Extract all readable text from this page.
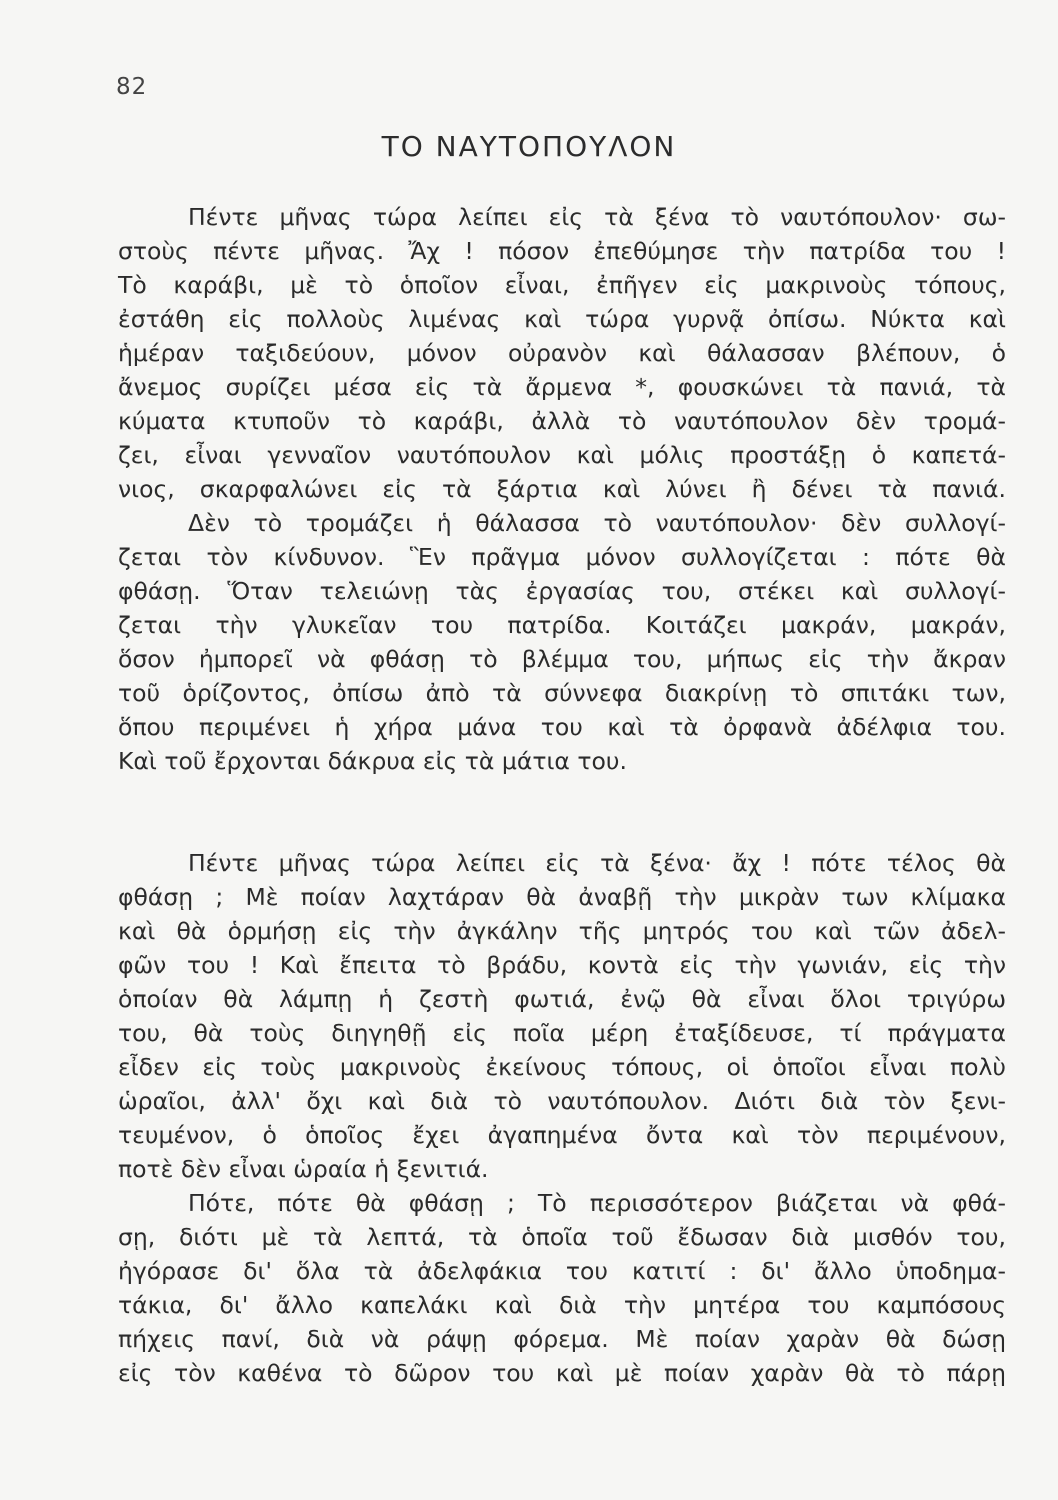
82
ΤΟ ΝΑΥΤΟΠΟΥΛΟΝ
Πέντε μῆνας τώρα λείπει εἰς τὰ ξένα τὸ ναυτόπουλον· σω-
στοὺς πέντε μῆνας. Ἄχ ! πόσον ἐπεθύμησε τὴν πατρίδα του !
Τὸ καράβι, μὲ τὸ ὁποῖον εἶναι, ἐπῆγεν εἰς μακρινοὺς τόπους,
ἐστάθη εἰς πολλοὺς λιμένας καὶ τώρα γυρνᾷ ὀπίσω. Νύκτα καὶ
ἡμέραν ταξιδεύουν, μόνον οὐρανὸν καὶ θάλασσαν βλέπουν, ὁ
ἄνεμος συρίζει μέσα εἰς τὰ ἄρμενα *, φουσκώνει τὰ πανιά, τὰ
κύματα κτυποῦν τὸ καράβι, ἀλλὰ τὸ ναυτόπουλον δὲν τρομά-
ζει, εἶναι γενναῖον ναυτόπουλον καὶ μόλις προστάξῃ ὁ καπετά-
νιος, σκαρφαλώνει εἰς τὰ ξάρτια καὶ λύνει ἢ δένει τὰ πανιά.
Δὲν τὸ τρομάζει ἡ θάλασσα τὸ ναυτόπουλον· δὲν συλλογί-
ζεται τὸν κίνδυνον. Ἓν πρᾶγμα μόνον συλλογίζεται : πότε θὰ
φθάσῃ. Ὅταν τελειώνῃ τὰς ἐργασίας του, στέκει καὶ συλλογί-
ζεται τὴν γλυκεῖαν του πατρίδα. Κοιτάζει μακράν, μακράν,
ὅσον ἠμπορεῖ νὰ φθάσῃ τὸ βλέμμα του, μήπως εἰς τὴν ἄκραν
τοῦ ὁρίζοντος, ὀπίσω ἀπὸ τὰ σύννεφα διακρίνῃ τὸ σπιτάκι των,
ὅπου περιμένει ἡ χήρα μάνα του καὶ τὰ ὀρφανὰ ἀδέλφια του.
Καὶ τοῦ ἔρχονται δάκρυα εἰς τὰ μάτια του.
Πέντε μῆνας τώρα λείπει εἰς τὰ ξένα· ἄχ ! πότε τέλος θὰ
φθάσῃ ; Μὲ ποίαν λαχτάραν θὰ ἀναβῇ τὴν μικρὰν των κλίμακα
καὶ θὰ ὁρμήσῃ εἰς τὴν ἀγκάλην τῆς μητρός του καὶ τῶν ἀδελ-
φῶν του ! Καὶ ἔπειτα τὸ βράδυ, κοντὰ εἰς τὴν γωνιάν, εἰς τὴν
ὁποίαν θὰ λάμπῃ ἡ ζεστὴ φωτιά, ἐνῷ θὰ εἶναι ὅλοι τριγύρω
του, θὰ τοὺς διηγηθῇ εἰς ποῖα μέρη ἐταξίδευσε, τί πράγματα
εἶδεν εἰς τοὺς μακρινοὺς ἐκείνους τόπους, οἱ ὁποῖοι εἶναι πολὺ
ὡραῖοι, ἀλλ' ὄχι καὶ διὰ τὸ ναυτόπουλον. Διότι διὰ τὸν ξενι-
τευμένον, ὁ ὁποῖος ἔχει ἀγαπημένα ὄντα καὶ τὸν περιμένουν,
ποτὲ δὲν εἶναι ὡραία ἡ ξενιτιά.
Πότε, πότε θὰ φθάσῃ ; Τὸ περισσότερον βιάζεται νὰ φθά-
σῃ, διότι μὲ τὰ λεπτά, τὰ ὁποῖα τοῦ ἔδωσαν διὰ μισθόν του,
ἠγόρασε δι' ὅλα τὰ ἀδελφάκια του κατιτί : δι' ἄλλο ὑποδημα-
τάκια, δι' ἄλλο καπελάκι καὶ διὰ τὴν μητέρα του καμπόσους
πήχεις πανί, διὰ νὰ ράψῃ φόρεμα. Μὲ ποίαν χαρὰν θὰ δώσῃ
εἰς τὸν καθένα τὸ δῶρον του καὶ μὲ ποίαν χαρὰν θὰ τὸ πάρῃ
